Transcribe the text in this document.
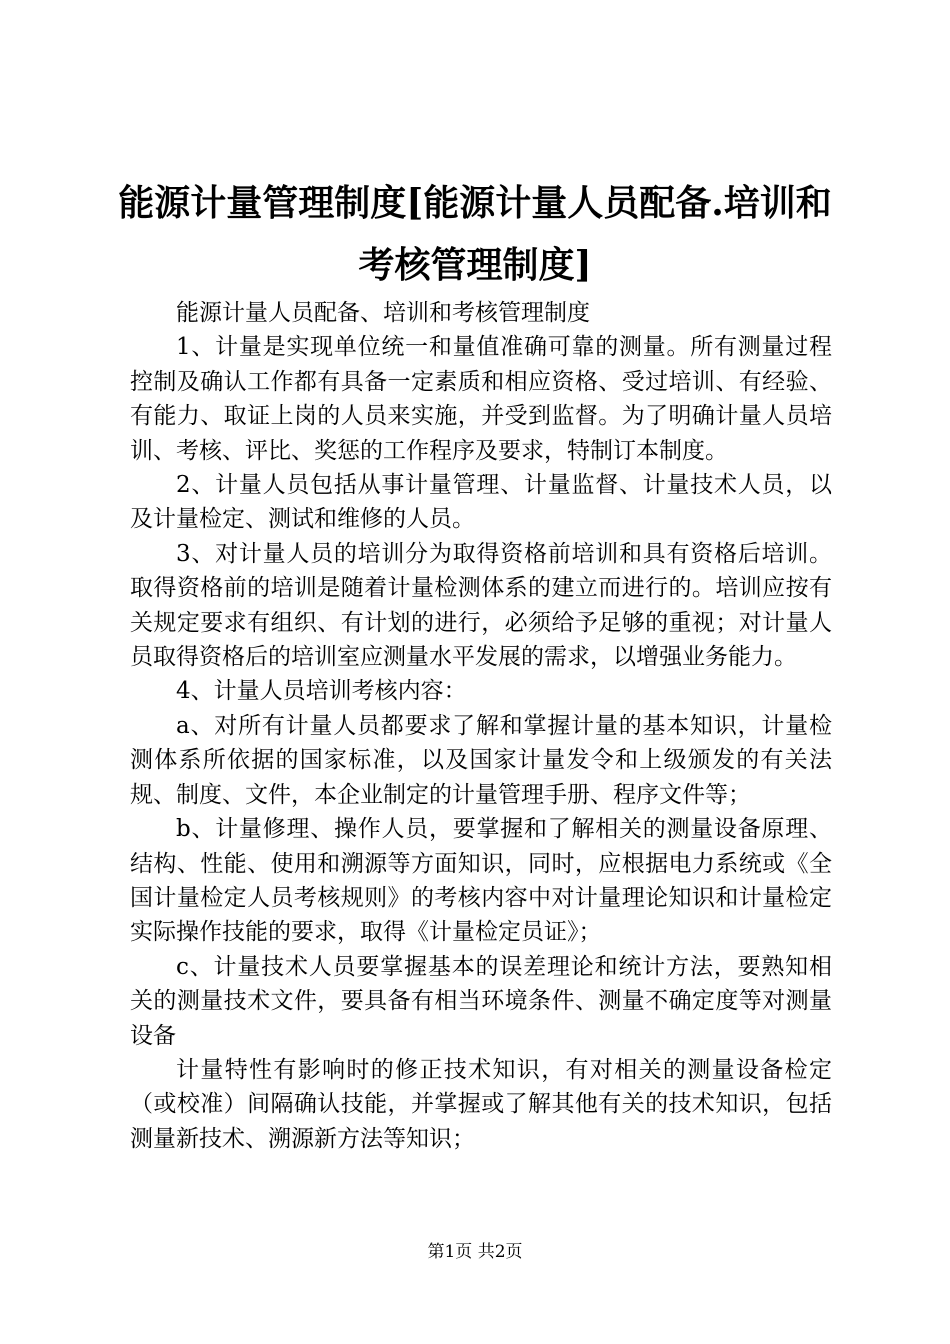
能源计量管理制度[能源计量人员配备.培训和考核管理制度]

能源计量人员配备、培训和考核管理制度

1、计量是实现单位统一和量值准确可靠的测量。所有测量过程控制及确认工作都有具备一定素质和相应资格、受过培训、有经验、有能力、取证上岗的人员来实施，并受到监督。为了明确计量人员培训、考核、评比、奖惩的工作程序及要求，特制订本制度。

2、计量人员包括从事计量管理、计量监督、计量技术人员，以及计量检定、测试和维修的人员。

3、对计量人员的培训分为取得资格前培训和具有资格后培训。取得资格前的培训是随着计量检测体系的建立而进行的。培训应按有关规定要求有组织、有计划的进行，必须给予足够的重视；对计量人员取得资格后的培训室应测量水平发展的需求，以增强业务能力。

4、计量人员培训考核内容：

a、对所有计量人员都要求了解和掌握计量的基本知识，计量检测体系所依据的国家标准，以及国家计量发令和上级颁发的有关法规、制度、文件，本企业制定的计量管理手册、程序文件等；

b、计量修理、操作人员，要掌握和了解相关的测量设备原理、结构、性能、使用和溯源等方面知识，同时，应根据电力系统或《全国计量检定人员考核规则》的考核内容中对计量理论知识和计量检定实际操作技能的要求，取得《计量检定员证》；

c、计量技术人员要掌握基本的误差理论和统计方法，要熟知相关的测量技术文件，要具备有相当环境条件、测量不确定度等对测量设备

计量特性有影响时的修正技术知识，有对相关的测量设备检定（或校准）间隔确认技能，并掌握或了解其他有关的技术知识，包括测量新技术、溯源新方法等知识；

第1页 共2页
